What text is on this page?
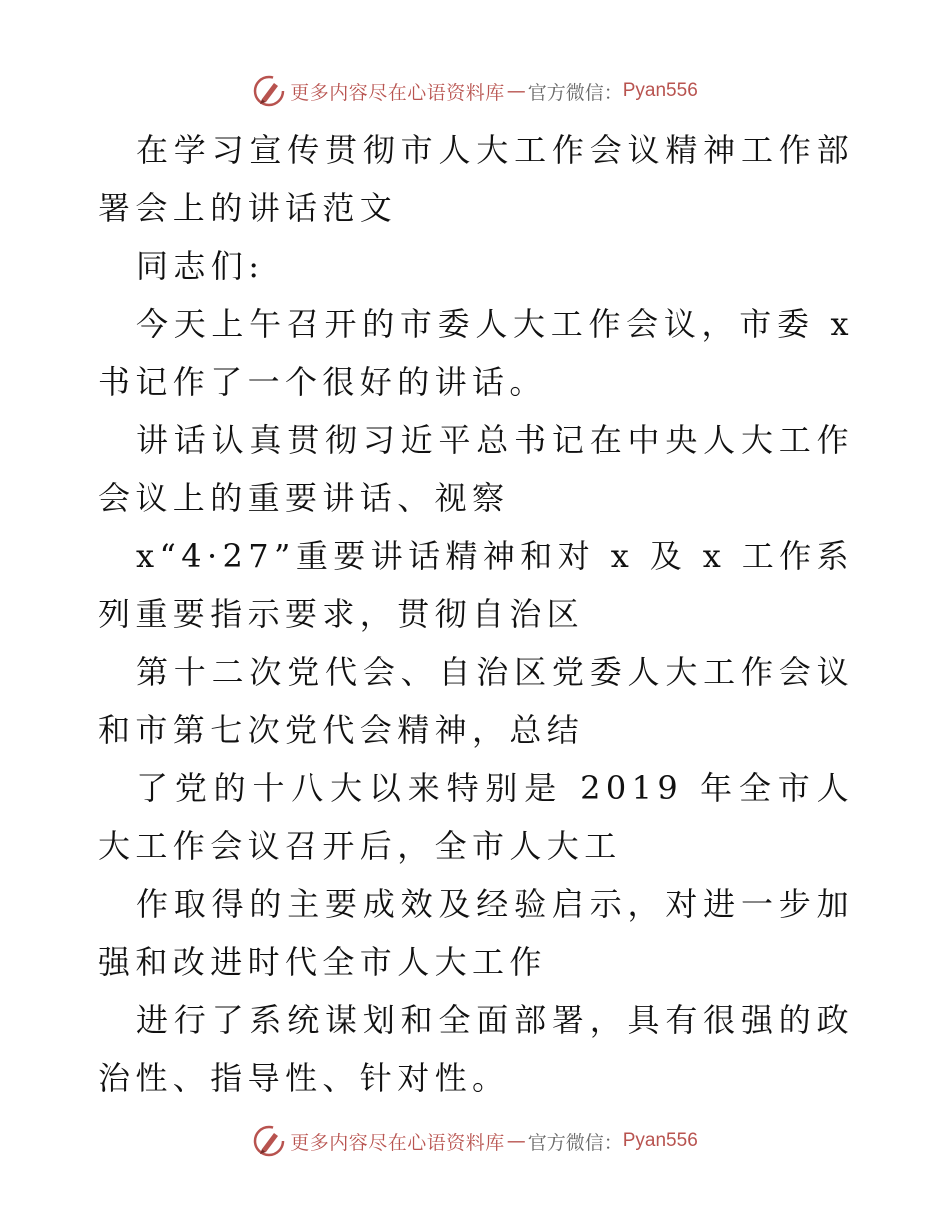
更多内容尽在心语资料库 — 官方微信： Pyan556

在学习宣传贯彻市人大工作会议精神工作部署会上的讲话范文

同志们:

今天上午召开的市委人大工作会议，市委 x 书记作了一个很好的讲话。

讲话认真贯彻习近平总书记在中央人大工作会议上的重要讲话、视察

x“4·27”重要讲话精神和对 x 及 x 工作系列重要指示要求，贯彻自治区

第十二次党代会、自治区党委人大工作会议和市第七次党代会精神，总结

了党的十八大以来特别是 2019 年全市人大工作会议召开后，全市人大工

作取得的主要成效及经验启示，对进一步加强和改进时代全市人大工作

进行了系统谋划和全面部署，具有很强的政治性、指导性、针对性。

更多内容尽在心语资料库 — 官方微信： Pyan556
